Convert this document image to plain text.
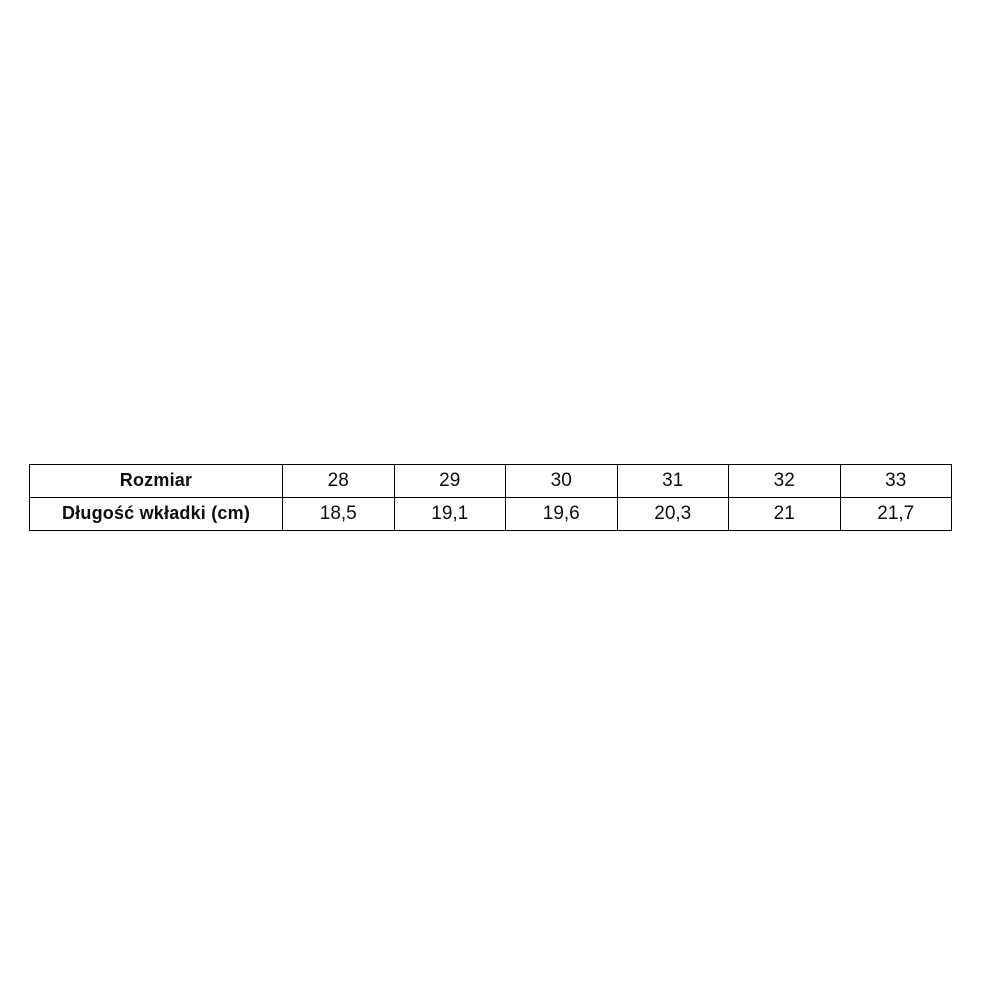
Rozmiar	28	29	30	31	32	33
Długość wkładki (cm)	18,5	19,1	19,6	20,3	21	21,7
